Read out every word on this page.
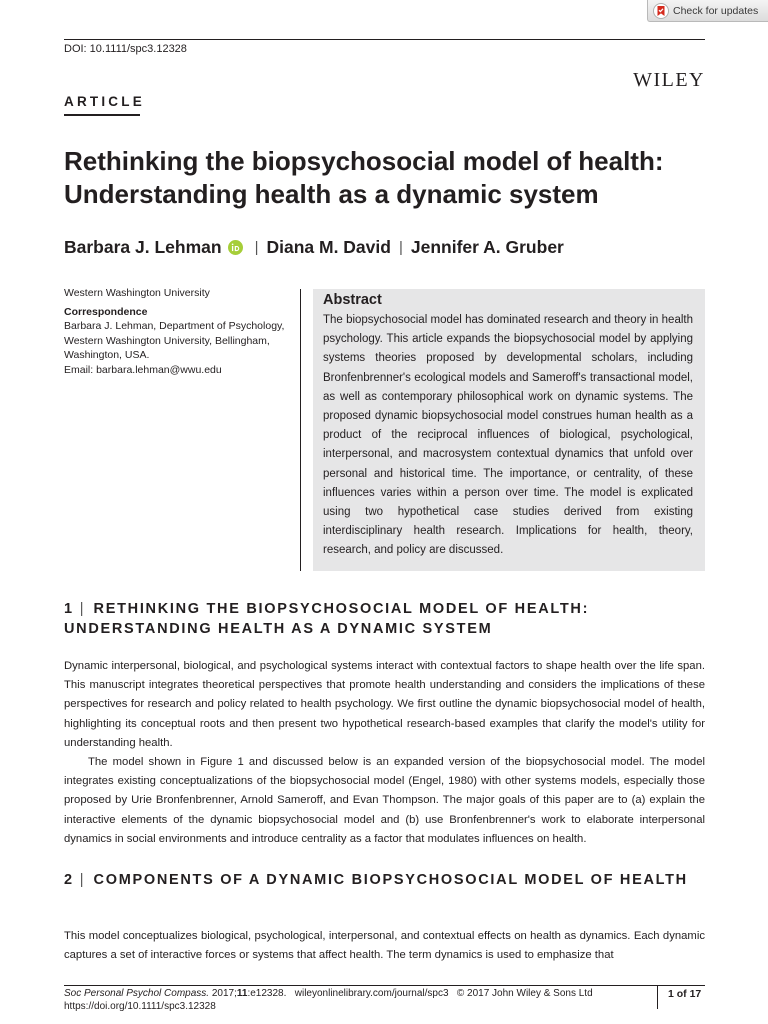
Check for updates
DOI: 10.1111/spc3.12328
WILEY
ARTICLE
Rethinking the biopsychosocial model of health: Understanding health as a dynamic system
Barbara J. Lehman | Diana M. David | Jennifer A. Gruber
Western Washington University
Correspondence
Barbara J. Lehman, Department of Psychology,
Western Washington University, Bellingham,
Washington, USA.
Email: barbara.lehman@wwu.edu
Abstract

The biopsychosocial model has dominated research and theory in health psychology. This article expands the biopsychosocial model by applying systems theories proposed by developmental scholars, including Bronfenbrenner's ecological models and Sameroff's transactional model, as well as contemporary philosophical work on dynamic systems. The proposed dynamic biopsychosocial model construes human health as a product of the reciprocal influences of biological, psychological, interpersonal, and macrosystem contextual dynamics that unfold over personal and historical time. The importance, or centrality, of these influences varies within a person over time. The model is explicated using two hypothetical case studies derived from existing interdisciplinary health research. Implications for health, theory, research, and policy are discussed.

1 | RETHINKING THE BIOPSYCHOSOCIAL MODEL OF HEALTH: UNDERSTANDING HEALTH AS A DYNAMIC SYSTEM

Dynamic interpersonal, biological, and psychological systems interact with contextual factors to shape health over the life span. This manuscript integrates theoretical perspectives that promote health understanding and considers the implications of these perspectives for research and policy related to health psychology. We first outline the dynamic biopsychosocial model of health, highlighting its conceptual roots and then present two hypothetical research-based examples that clarify the model's utility for understanding health.

The model shown in Figure 1 and discussed below is an expanded version of the biopsychosocial model. The model integrates existing conceptualizations of the biopsychosocial model (Engel, 1980) with other systems models, especially those proposed by Urie Bronfenbrenner, Arnold Sameroff, and Evan Thompson. The major goals of this paper are to (a) explain the interactive elements of the dynamic biopsychosocial model and (b) use Bronfenbrenner's work to elaborate interpersonal dynamics in social environments and introduce centrality as a factor that modulates influences on health.

2 | COMPONENTS OF A DYNAMIC BIOPSYCHOSOCIAL MODEL OF HEALTH

This model conceptualizes biological, psychological, interpersonal, and contextual effects on health as dynamics. Each dynamic captures a set of interactive forces or systems that affect health. The term dynamics is used to emphasize that

Soc Personal Psychol Compass. 2017;11:e12328. wileyonlinelibrary.com/journal/spc3 © 2017 John Wiley & Sons Ltd
https://doi.org/10.1111/spc3.12328
1 of 17
